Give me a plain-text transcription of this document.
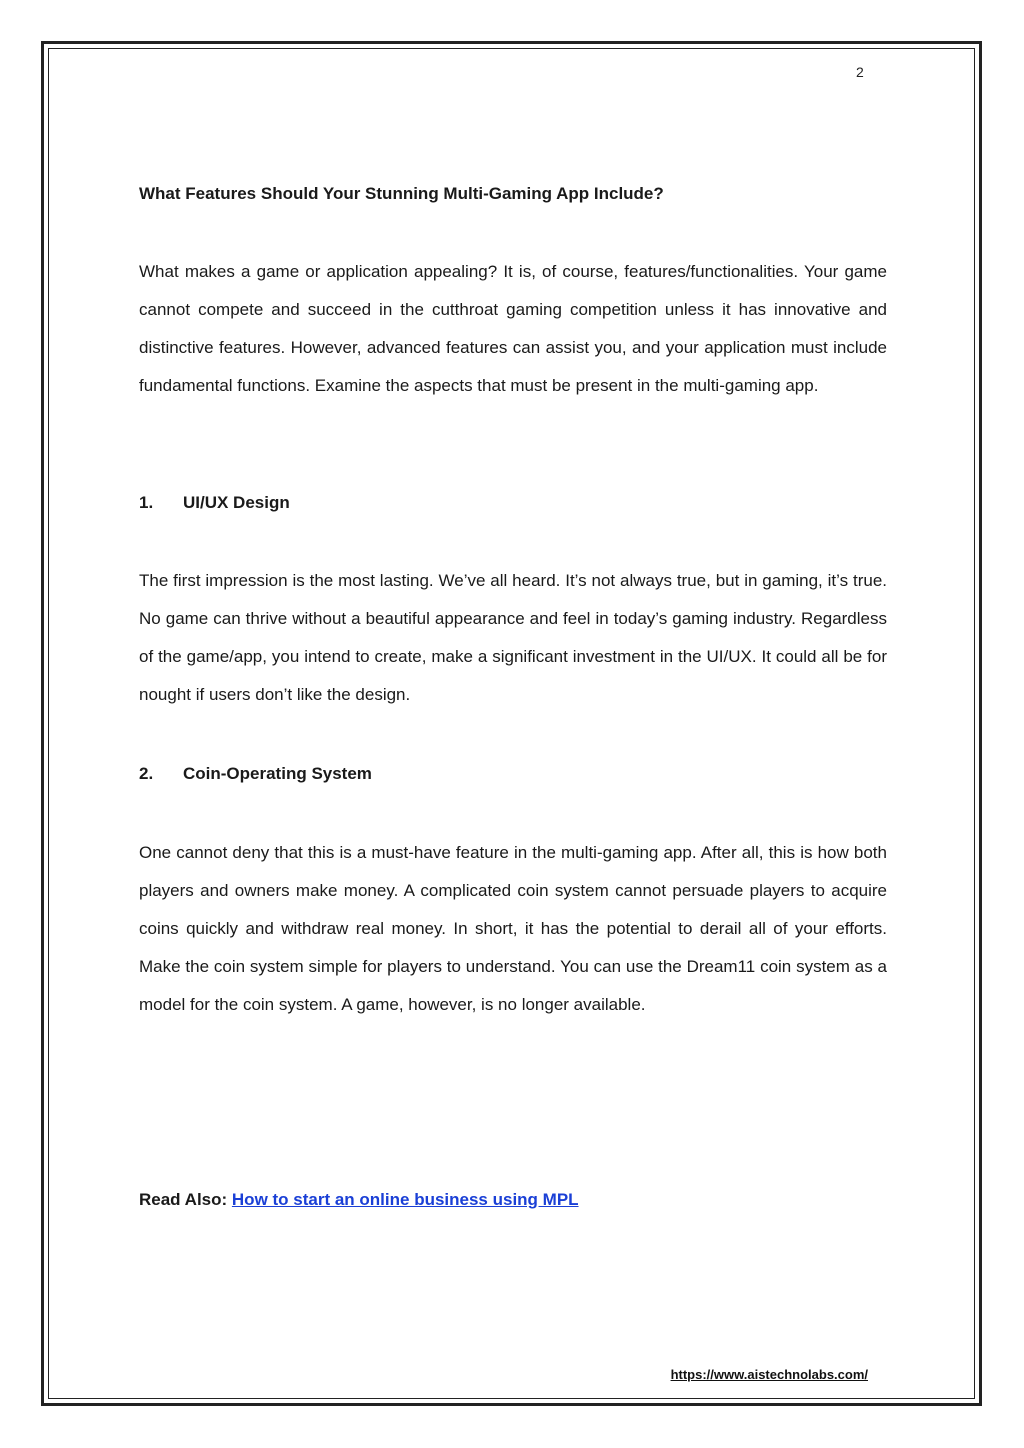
2
What Features Should Your Stunning Multi-Gaming App Include?

What makes a game or application appealing? It is, of course, features/functionalities. Your game cannot compete and succeed in the cutthroat gaming competition unless it has innovative and distinctive features. However, advanced features can assist you, and your application must include fundamental functions. Examine the aspects that must be present in the multi-gaming app.

1. UI/UX Design

The first impression is the most lasting. We’ve all heard. It’s not always true, but in gaming, it’s true. No game can thrive without a beautiful appearance and feel in today’s gaming industry. Regardless of the game/app, you intend to create, make a significant investment in the UI/UX. It could all be for nought if users don’t like the design.

2. Coin-Operating System

One cannot deny that this is a must-have feature in the multi-gaming app. After all, this is how both players and owners make money. A complicated coin system cannot persuade players to acquire coins quickly and withdraw real money. In short, it has the potential to derail all of your efforts. Make the coin system simple for players to understand. You can use the Dream11 coin system as a model for the coin system. A game, however, is no longer available.

Read Also: How to start an online business using MPL
https://www.aistechnolabs.com/
